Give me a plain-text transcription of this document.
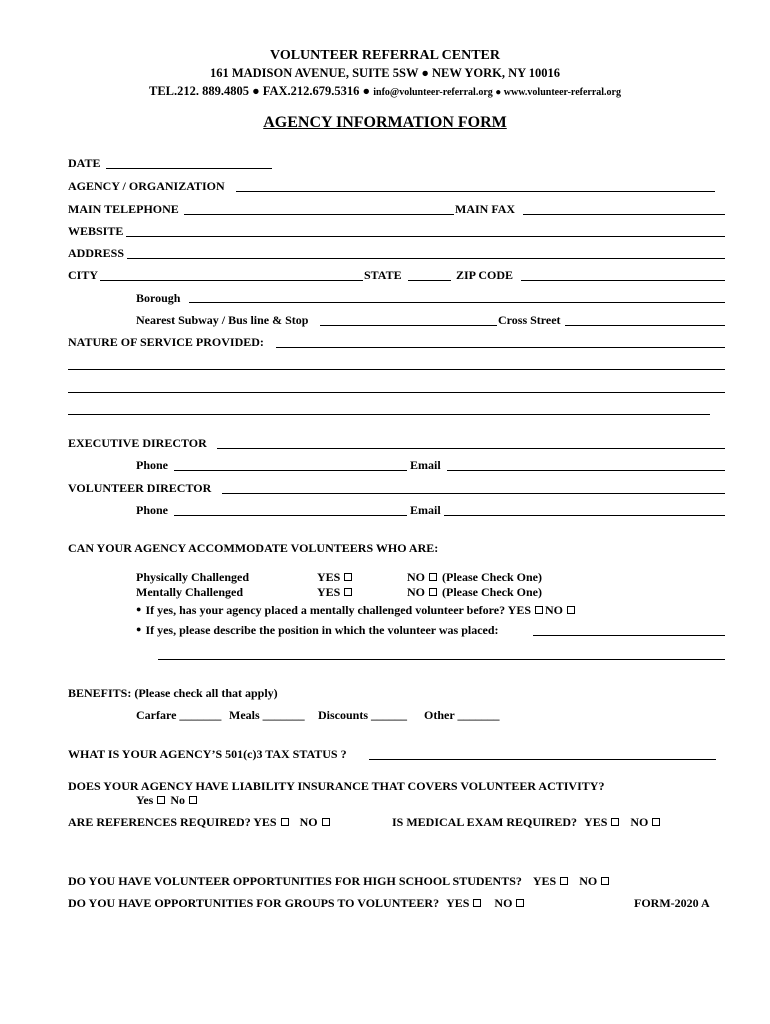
VOLUNTEER REFERRAL CENTER
161 MADISON AVENUE, SUITE 5SW ● NEW YORK, NY 10016
TEL.212. 889.4805 ● FAX.212.679.5316 ● info@volunteer-referral.org ● www.volunteer-referral.org
AGENCY INFORMATION FORM
DATE
AGENCY / ORGANIZATION
MAIN TELEPHONE	MAIN FAX
WEBSITE
ADDRESS
CITY	STATE	ZIP CODE
Borough
Nearest Subway / Bus line & Stop	Cross Street
NATURE OF SERVICE PROVIDED:
EXECUTIVE DIRECTOR
Phone	Email
VOLUNTEER DIRECTOR
Phone	Email
CAN YOUR AGENCY ACCOMMODATE VOLUNTEERS WHO ARE:
Physically Challenged	YES	NO (Please Check One)
Mentally Challenged	YES	NO (Please Check One)
● If yes, has your agency placed a mentally challenged volunteer before? YES NO
● If yes, please describe the position in which the volunteer was placed:
BENEFITS: (Please check all that apply)
Carfare _______ Meals _______ Discounts ______ Other _______
WHAT IS YOUR AGENCY’S 501(c)3 TAX STATUS ?
DOES YOUR AGENCY HAVE LIABILITY INSURANCE THAT COVERS VOLUNTEER ACTIVITY?
Yes No
ARE REFERENCES REQUIRED? YES NO	IS MEDICAL EXAM REQUIRED? YES NO
DO YOU HAVE VOLUNTEER OPPORTUNITIES FOR HIGH SCHOOL STUDENTS? YES NO
DO YOU HAVE OPPORTUNITIES FOR GROUPS TO VOLUNTEER? YES NO	FORM-2020 A
